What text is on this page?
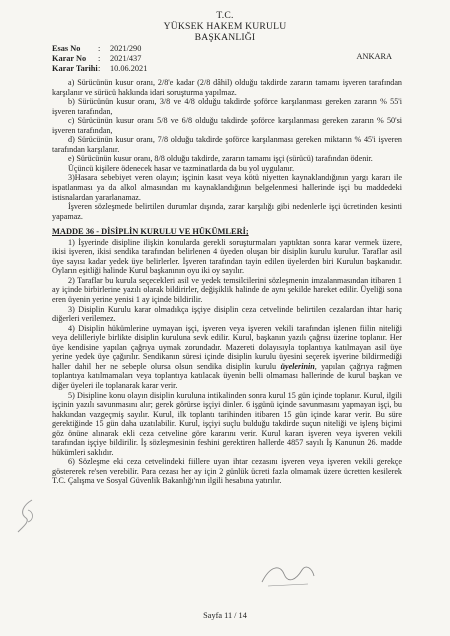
T.C.
YÜKSEK HAKEM KURULU
BAŞKANLIĞI
Esas No	:	2021/290
Karar No	:	2021/437
Karar Tarihi :	10.06.2021
ANKARA

a) Sürücünün kusur oranı, 2/8'e kadar (2/8 dâhil) olduğu takdirde zararın tamamı işveren tarafından karşılanır ve sürücü hakkında idari soruşturma yapılmaz.

b) Sürücünün kusur oranı, 3/8 ve 4/8 olduğu takdirde şoförce karşılanması gereken zararın % 55'i işveren tarafından,

c) Sürücünün kusur oranı 5/8 ve 6/8 olduğu takdirde şoförce karşılanması gereken zararın % 50'si işveren tarafından,

d) Sürücünün kusur oranı, 7/8 olduğu takdirde şoförce karşılanması gereken miktarın % 45'i işveren tarafından karşılanır.

e) Sürücünün kusur oranı, 8/8 olduğu takdirde, zararın tamamı işçi (sürücü) tarafından ödenir.

Üçüncü kişilere ödenecek hasar ve tazminatlarda da bu yol uygulanır.

3)Hasara sebebiyet veren olayın; işçinin kasıt veya kötü niyetten kaynaklandığının yargı kararı ile ispatlanması ya da alkol almasından mı kaynaklandığının belgelenmesi hallerinde işçi bu maddedeki istisnalardan yararlanamaz.

İşveren sözleşmede belirtilen durumlar dışında, zarar karşılığı gibi nedenlerle işçi ücretinden kesinti yapamaz.

MADDE 36 - DİSİPLİN KURULU VE HÜKÜMLERİ;

1) İşyerinde disipline ilişkin konularda gerekli soruşturmaları yaptıktan sonra karar vermek üzere, ikisi işveren, ikisi sendika tarafından belirlenen 4 üyeden oluşan bir disiplin kurulu kurulur. Taraflar asil üye sayısı kadar yedek üye belirlerler. İşveren tarafından tayin edilen üyelerden biri Kurulun başkanıdır. Oyların eşitliği halinde Kurul başkanının oyu iki oy sayılır.

2) Taraflar bu kurula seçecekleri asil ve yedek temsilcilerini sözleşmenin imzalanmasından itibaren 1 ay içinde birbirlerine yazılı olarak bildirirler, değişiklik halinde de aynı şekilde hareket edilir. Üyeliği sona eren üyenin yerine yenisi 1 ay içinde bildirilir.

3) Disiplin Kurulu karar olmadıkça işçiye disiplin ceza cetvelinde belirtilen cezalardan ihtar hariç diğerleri verilemez.

4) Disiplin hükümlerine uymayan işçi, işveren veya işveren vekili tarafından işlenen fiilin niteliği veya delilleriyle birlikte disiplin kuruluna sevk edilir. Kurul, başkanın yazılı çağrısı üzerine toplanır. Her üye kendisine yapılan çağrıya uymak zorundadır. Mazereti dolayısıyla toplantıya katılmayan asil üye yerine yedek üye çağırılır. Sendikanın süresi içinde disiplin kurulu üyesini seçerek işverine bildirmediği haller dahil her ne sebeple olursa olsun sendika disiplin kurulu üyelerinin, yapılan çağrıya rağmen toplantıya katılmamaları veya toplantıya katılacak üyenin belli olmaması hallerinde de kurul başkan ve diğer üyeleri ile toplanarak karar verir.

5) Disipline konu olayın disiplin kuruluna intikalinden sonra kurul 15 gün içinde toplanır. Kurul, ilgili işçinin yazılı savunmasını alır; gerek görürse işçiyi dinler. 6 işgünü içinde savunmasını yapmayan işçi, bu hakkından vazgeçmiş sayılır. Kurul, ilk toplantı tarihinden itibaren 15 gün içinde karar verir. Bu süre gerektiğinde 15 gün daha uzatılabilir. Kurul, işçiyi suçlu bulduğu takdirde suçun niteliği ve işlenş biçimi göz önüne alınarak ekli ceza cetveline göre kararını verir. Kurul kararı işveren veya işveren vekili tarafından işçiye bildirilir. İş sözleşmesinin feshini gerektiren hallerde 4857 sayılı İş Kanunun 26. madde hükümleri saklıdır.

6) Sözleşme eki ceza cetvelindeki fiillere uyan ihtar cezasını işveren veya işveren vekili gerekçe göstererek re'sen verebilir. Para cezası her ay için 2 günlük ücreti fazla olmamak üzere ücretten kesilerek T.C. Çalışma ve Sosyal Güvenlik Bakanlığı'nın ilgili hesabına yatırılır.

Sayfa 11 / 14
